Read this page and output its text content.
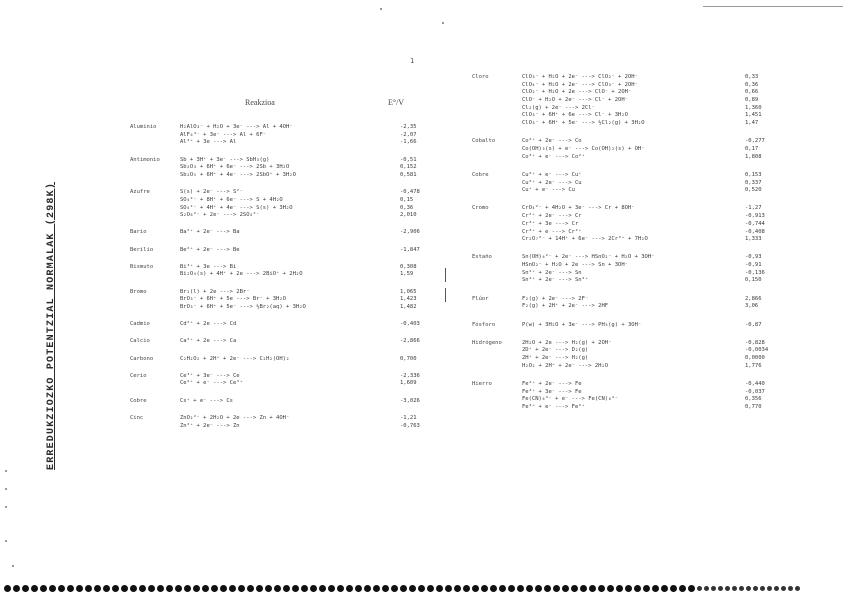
ERREDUKZIOZKO POTENTZIAL NORMALAK (298K)
1
Reakzioa	E°/V
Aluminio	H₂AlO₃⁻ + H₂O + 3e⁻ ---> Al + 4OH⁻	-2,35
AlF₆³⁻ + 3e⁻ ---> Al + 6F⁻	-2,07
Al³⁺ + 3e ---> Al	-1,66
Antimonio	Sb + 3H⁺ + 3e⁻ ---> SbH₃(g)	-0,51
Sb₂O₃ + 6H⁺ + 6e⁻ ---> 2Sb + 3H₂O	0,152
Sb₂O₅ + 6H⁺ + 4e⁻ ---> 2SbO⁺ + 3H₂O	0,581
Azufre	S(s) + 2e⁻ ---> S²⁻	-0,478
SO₄²⁻ + 8H⁺ + 6e⁻ ---> S + 4H₂O	0,15
SO₄²⁻ + 4H⁺ + 4e⁻ ---> S(s) + 3H₂O	0,36
S₂O₈²⁻ + 2e⁻ ---> 2SO₄²⁻	2,010
Bario	Ba²⁺ + 2e⁻ ---> Ba	-2,906
Berilio	Be²⁺ + 2e⁻ ---> Be	-1,847
Bismuto	Bi³⁺ + 3e ---> Bi	0,308
Bi₂O₄(s) + 4H⁺ + 2e ---> 2BiO⁺ + 2H₂O	1,59
Bromo	Br₂(l) + 2e ---> 2Br⁻	1,065
BrO₃⁻ + 6H⁺ + 5e ---> Br⁻ + 3H₂O	1,423
BrO₃⁻ + 6H⁺ + 5e⁻ ---> ½Br₂(aq) + 3H₂O	1,482
Cadmio	Cd²⁺ + 2e ---> Cd	-0,403
Calcio	Ca²⁺ + 2e ---> Ca	-2,866
Carbono	C₂H₂O₂ + 2H⁺ + 2e⁻ ---> C₂H₂(OH)₂	0,700
Cerio	Ce³⁺ + 3e⁻ ---> Ce	-2,336
Ce⁴⁺ + e⁻ ---> Ce³⁺	1,609
Cobre	Cs⁺ + e⁻ ---> Cs	-3,026
Cinc	ZnO₂²⁻ + 2H₂O + 2e ---> Zn + 4OH⁻	-1,21
Zn²⁺ + 2e⁻ ---> Zn	-0,763
Cloro	ClO₃⁻ + H₂O + 2e⁻ ---> ClO₂⁻ + 2OH⁻	0,33
ClO₄⁻ + H₂O + 2e⁻ ---> ClO₃⁻ + 2OH⁻	0,36
ClO₂⁻ + H₂O + 2e ---> ClO⁻ + 2OH⁻	0,66
ClO⁻ + H₂O + 2e⁻ ---> Cl⁻ + 2OH⁻	0,89
Cl₂(g) + 2e⁻ ---> 2Cl⁻	1,360
ClO₃⁻ + 6H⁺ + 6e ---> Cl⁻ + 3H₂O	1,451
ClO₃⁻ + 6H⁺ + 5e⁻ ---> ½Cl₂(g) + 3H₂O	1,47
Cobalto	Co²⁺ + 2e⁻ ---> Co	-0,277
Co(OH)₃(s) + e⁻ ---> Co(OH)₂(s) + OH⁻	0,17
Co³⁺ + e⁻ ---> Co²⁺	1,808
Cobre	Cu²⁺ + e⁻ ---> Cu⁺	0,153
Cu²⁺ + 2e⁻ ---> Cu	0,337
Cu⁺ + e⁻ ---> Cu	0,520
Cromo	CrO₄²⁻ + 4H₂O + 3e⁻ ---> Cr + 8OH⁻	-1,27
Cr²⁺ + 2e⁻ ---> Cr	-0,913
Cr³⁺ + 3e ---> Cr	-0,744
Cr³⁺ + e ---> Cr²⁺	-0,408
Cr₂O₇²⁻ + 14H⁺ + 6e⁻ ---> 2Cr³⁺ + 7H₂O	1,333
Estaño	Sn(OH)₆²⁻ + 2e⁻ ---> HSnO₂⁻ + H₂O + 3OH⁻	-0,93
HSnO₂⁻ + H₂O + 2e ---> Sn + 3OH⁻	-0,91
Sn²⁺ + 2e⁻ ---> Sn	-0,136
Sn⁴⁺ + 2e⁻ ---> Sn²⁺	0,150
Flúor	F₂(g) + 2e⁻ ---> 2F⁻	2,866
F₂(g) + 2H⁺ + 2e⁻ ---> 2HF	3,06
Fósforo	P(w) + 3H₂O + 3e⁻ ---> PH₃(g) + 3OH⁻	-0,87
Hidrógeno	2H₂O + 2e ---> H₂(g) + 2OH⁻	-0,828
2D⁺ + 2e⁻ ---> D₂(g)	-0,0034
2H⁺ + 2e⁻ ---> H₂(g)	0,0000
H₂O₂ + 2H⁺ + 2e⁻ ---> 2H₂O	1,776
Hierro	Fe²⁺ + 2e⁻ ---> Fe	-0,440
Fe³⁺ + 3e⁻ ---> Fe	-0,037
Fe(CN)₆³⁻ + e⁻ ---> Fe(CN)₆⁴⁻	0,356
Fe³⁺ + e⁻ ---> Fe²⁺	0,770
